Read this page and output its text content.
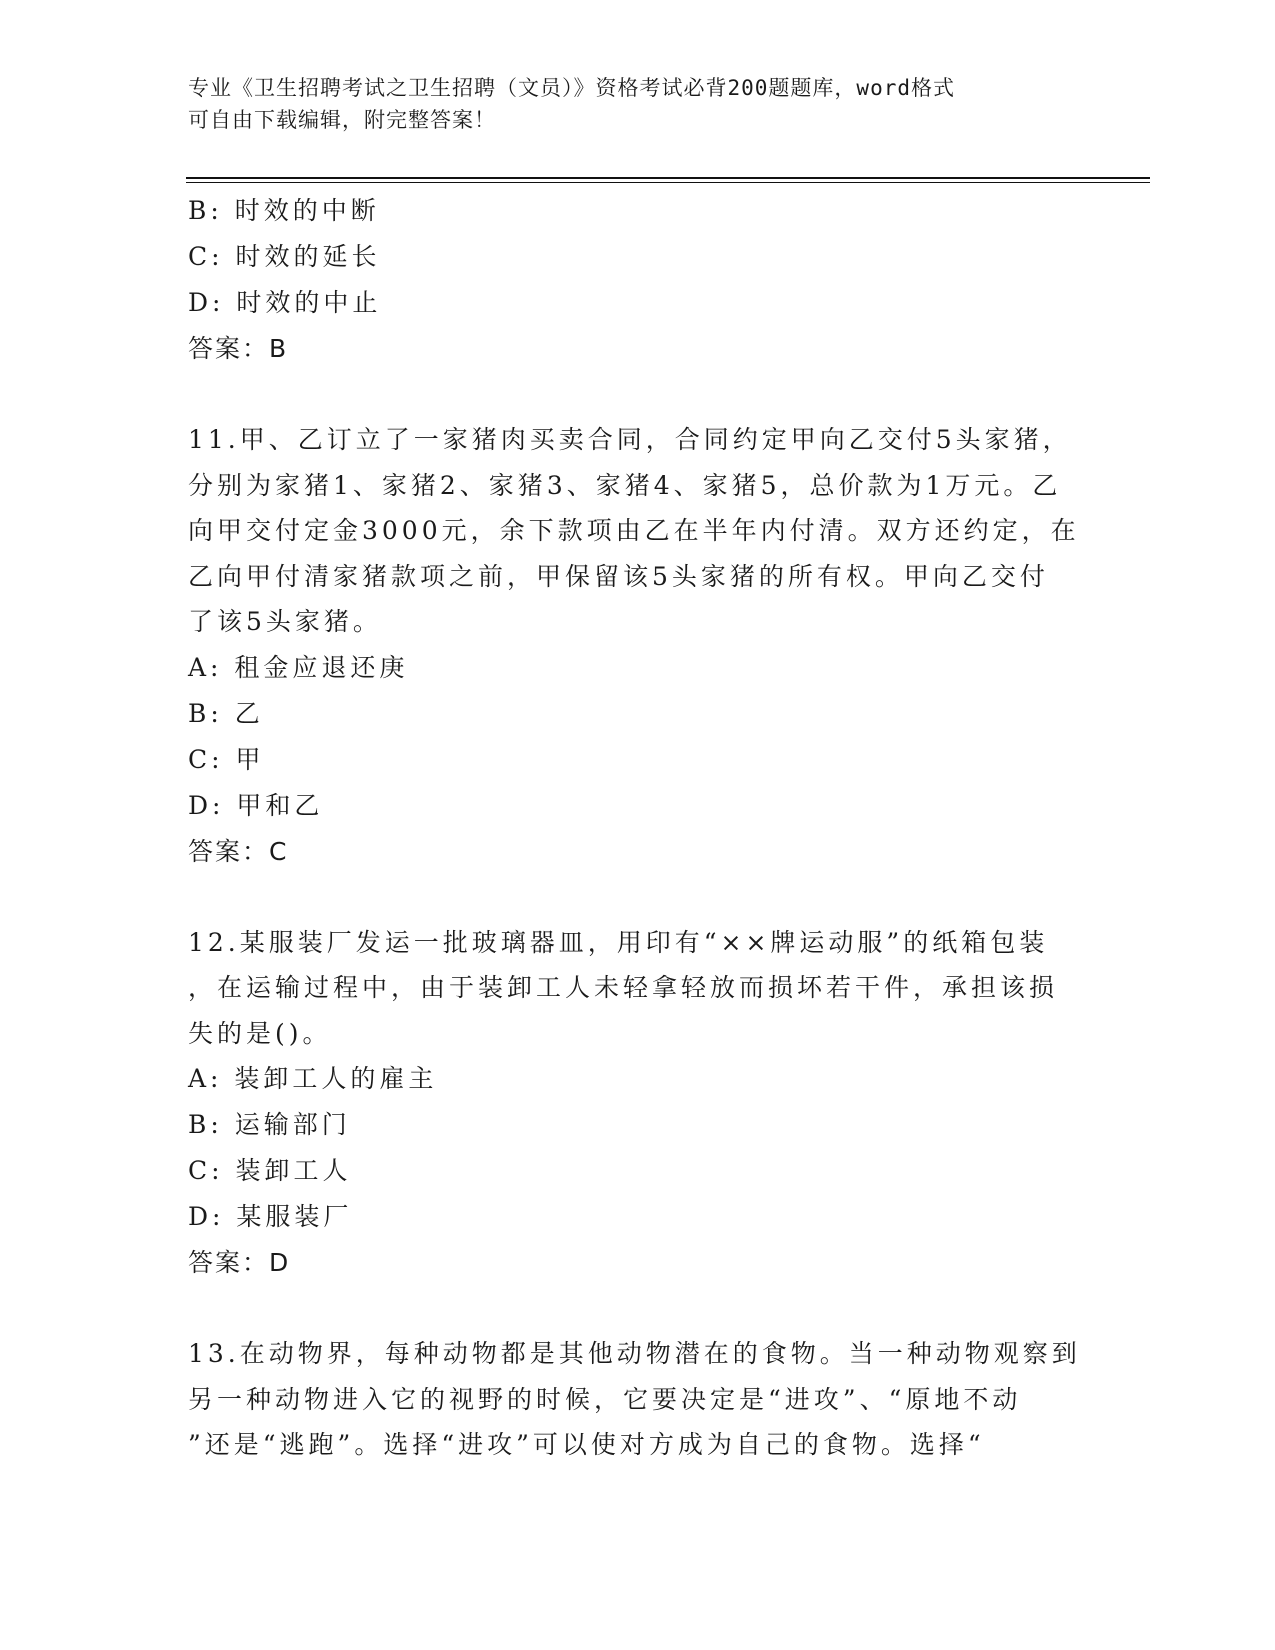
专业《卫生招聘考试之卫生招聘（文员）》资格考试必背200题题库，word格式
可自由下载编辑，附完整答案！
B: 时效的中断
C: 时效的延长
D: 时效的中止
答案：B
11.甲、乙订立了一家猪肉买卖合同，合同约定甲向乙交付5头家猪，
分别为家猪1、家猪2、家猪3、家猪4、家猪5，总价款为1万元。乙
向甲交付定金3000元，余下款项由乙在半年内付清。双方还约定，在
乙向甲付清家猪款项之前，甲保留该5头家猪的所有权。甲向乙交付
了该5头家猪。
A: 租金应退还庚
B: 乙
C: 甲
D: 甲和乙
答案：C
12.某服装厂发运一批玻璃器皿，用印有“××牌运动服”的纸箱包装
，在运输过程中，由于装卸工人未轻拿轻放而损坏若干件，承担该损
失的是()。
A: 装卸工人的雇主
B: 运输部门
C: 装卸工人
D: 某服装厂
答案：D
13.在动物界，每种动物都是其他动物潜在的食物。当一种动物观察到
另一种动物进入它的视野的时候，它要决定是“进攻”、“原地不动
”还是“逃跑”。选择“进攻”可以使对方成为自己的食物。选择“
